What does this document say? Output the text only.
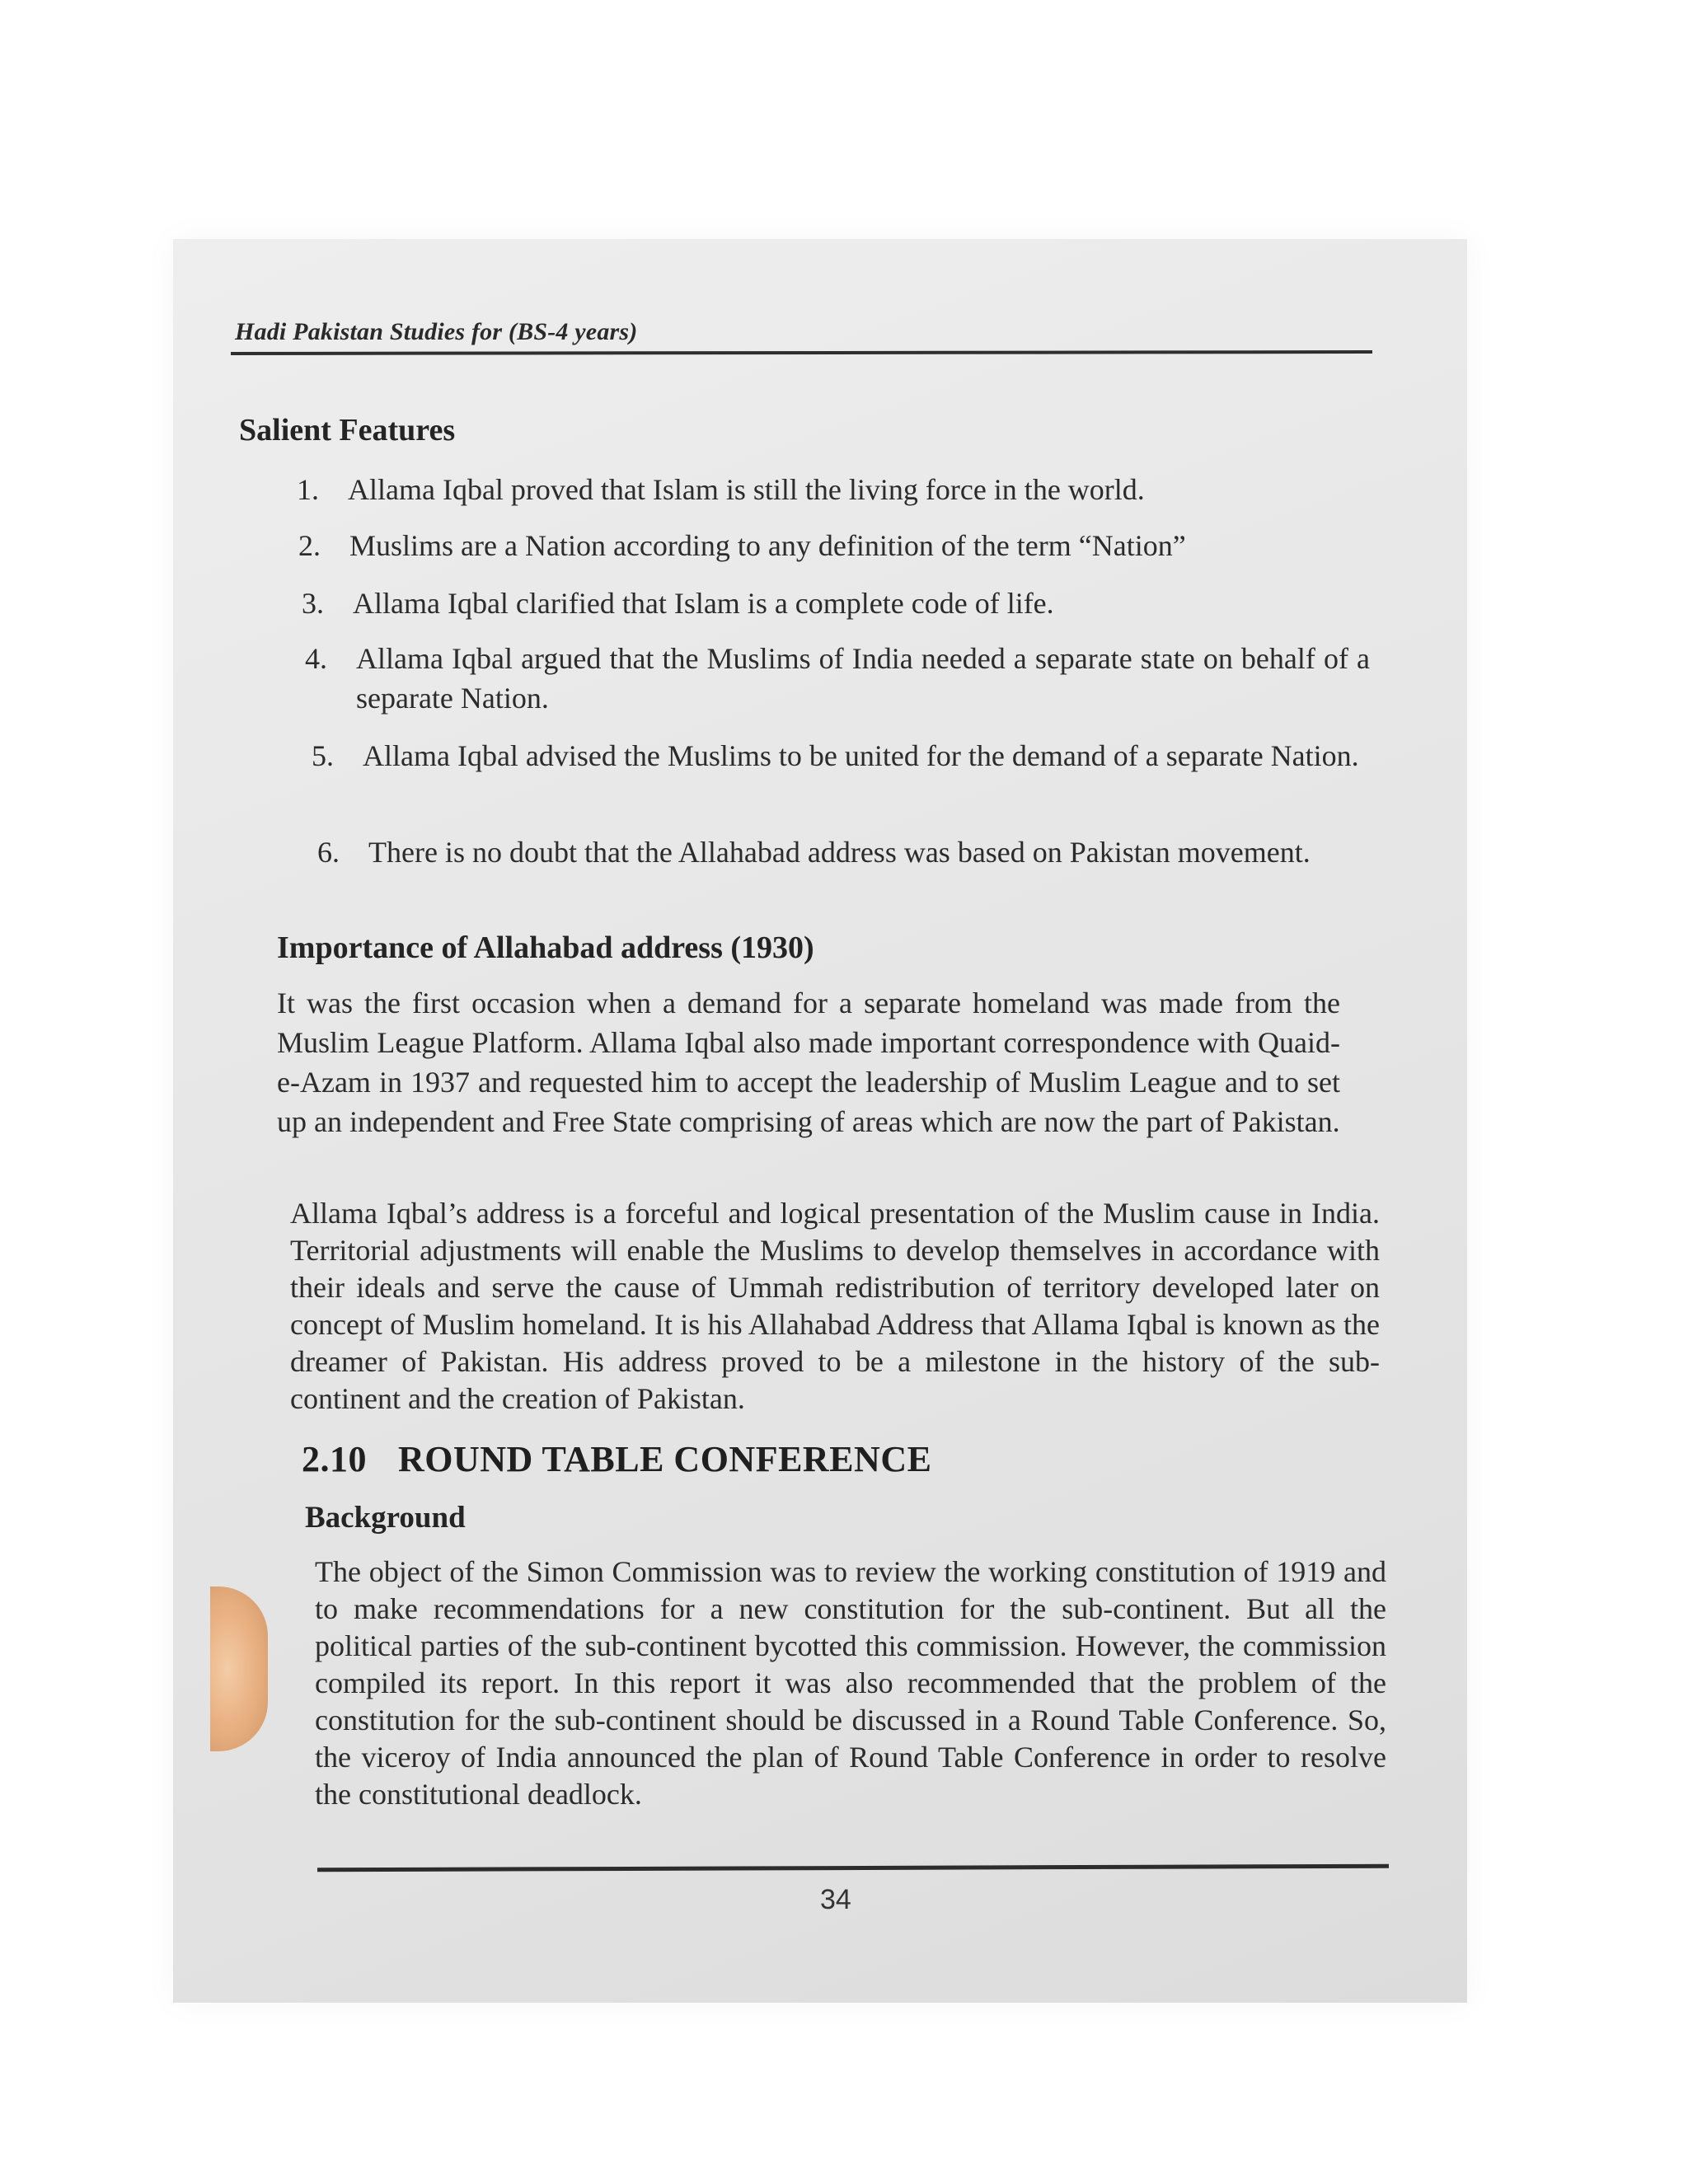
Hadi Pakistan Studies for (BS-4 years)
Salient Features
1. Allama Iqbal proved that Islam is still the living force in the world.
2. Muslims are a Nation according to any definition of the term “Nation”
3. Allama Iqbal clarified that Islam is a complete code of life.
4. Allama Iqbal argued that the Muslims of India needed a separate state on behalf of a separate Nation.
5. Allama Iqbal advised the Muslims to be united for the demand of a separate Nation.
6. There is no doubt that the Allahabad address was based on Pakistan movement.
Importance of Allahabad address (1930)
It was the first occasion when a demand for a separate homeland was made from the Muslim League Platform. Allama Iqbal also made important correspondence with Quaid-e-Azam in 1937 and requested him to accept the leadership of Muslim League and to set up an independent and Free State comprising of areas which are now the part of Pakistan.
Allama Iqbal’s address is a forceful and logical presentation of the Muslim cause in India. Territorial adjustments will enable the Muslims to develop themselves in accordance with their ideals and serve the cause of Ummah redistribution of territory developed later on concept of Muslim homeland. It is his Allahabad Address that Allama Iqbal is known as the dreamer of Pakistan. His address proved to be a milestone in the history of the sub-continent and the creation of Pakistan.
2.10 ROUND TABLE CONFERENCE
Background
The object of the Simon Commission was to review the working constitution of 1919 and to make recommendations for a new constitution for the sub-continent. But all the political parties of the sub-continent bycotted this commission. However, the commission compiled its report. In this report it was also recommended that the problem of the constitution for the sub-continent should be discussed in a Round Table Conference. So, the viceroy of India announced the plan of Round Table Conference in order to resolve the constitutional deadlock.
34
